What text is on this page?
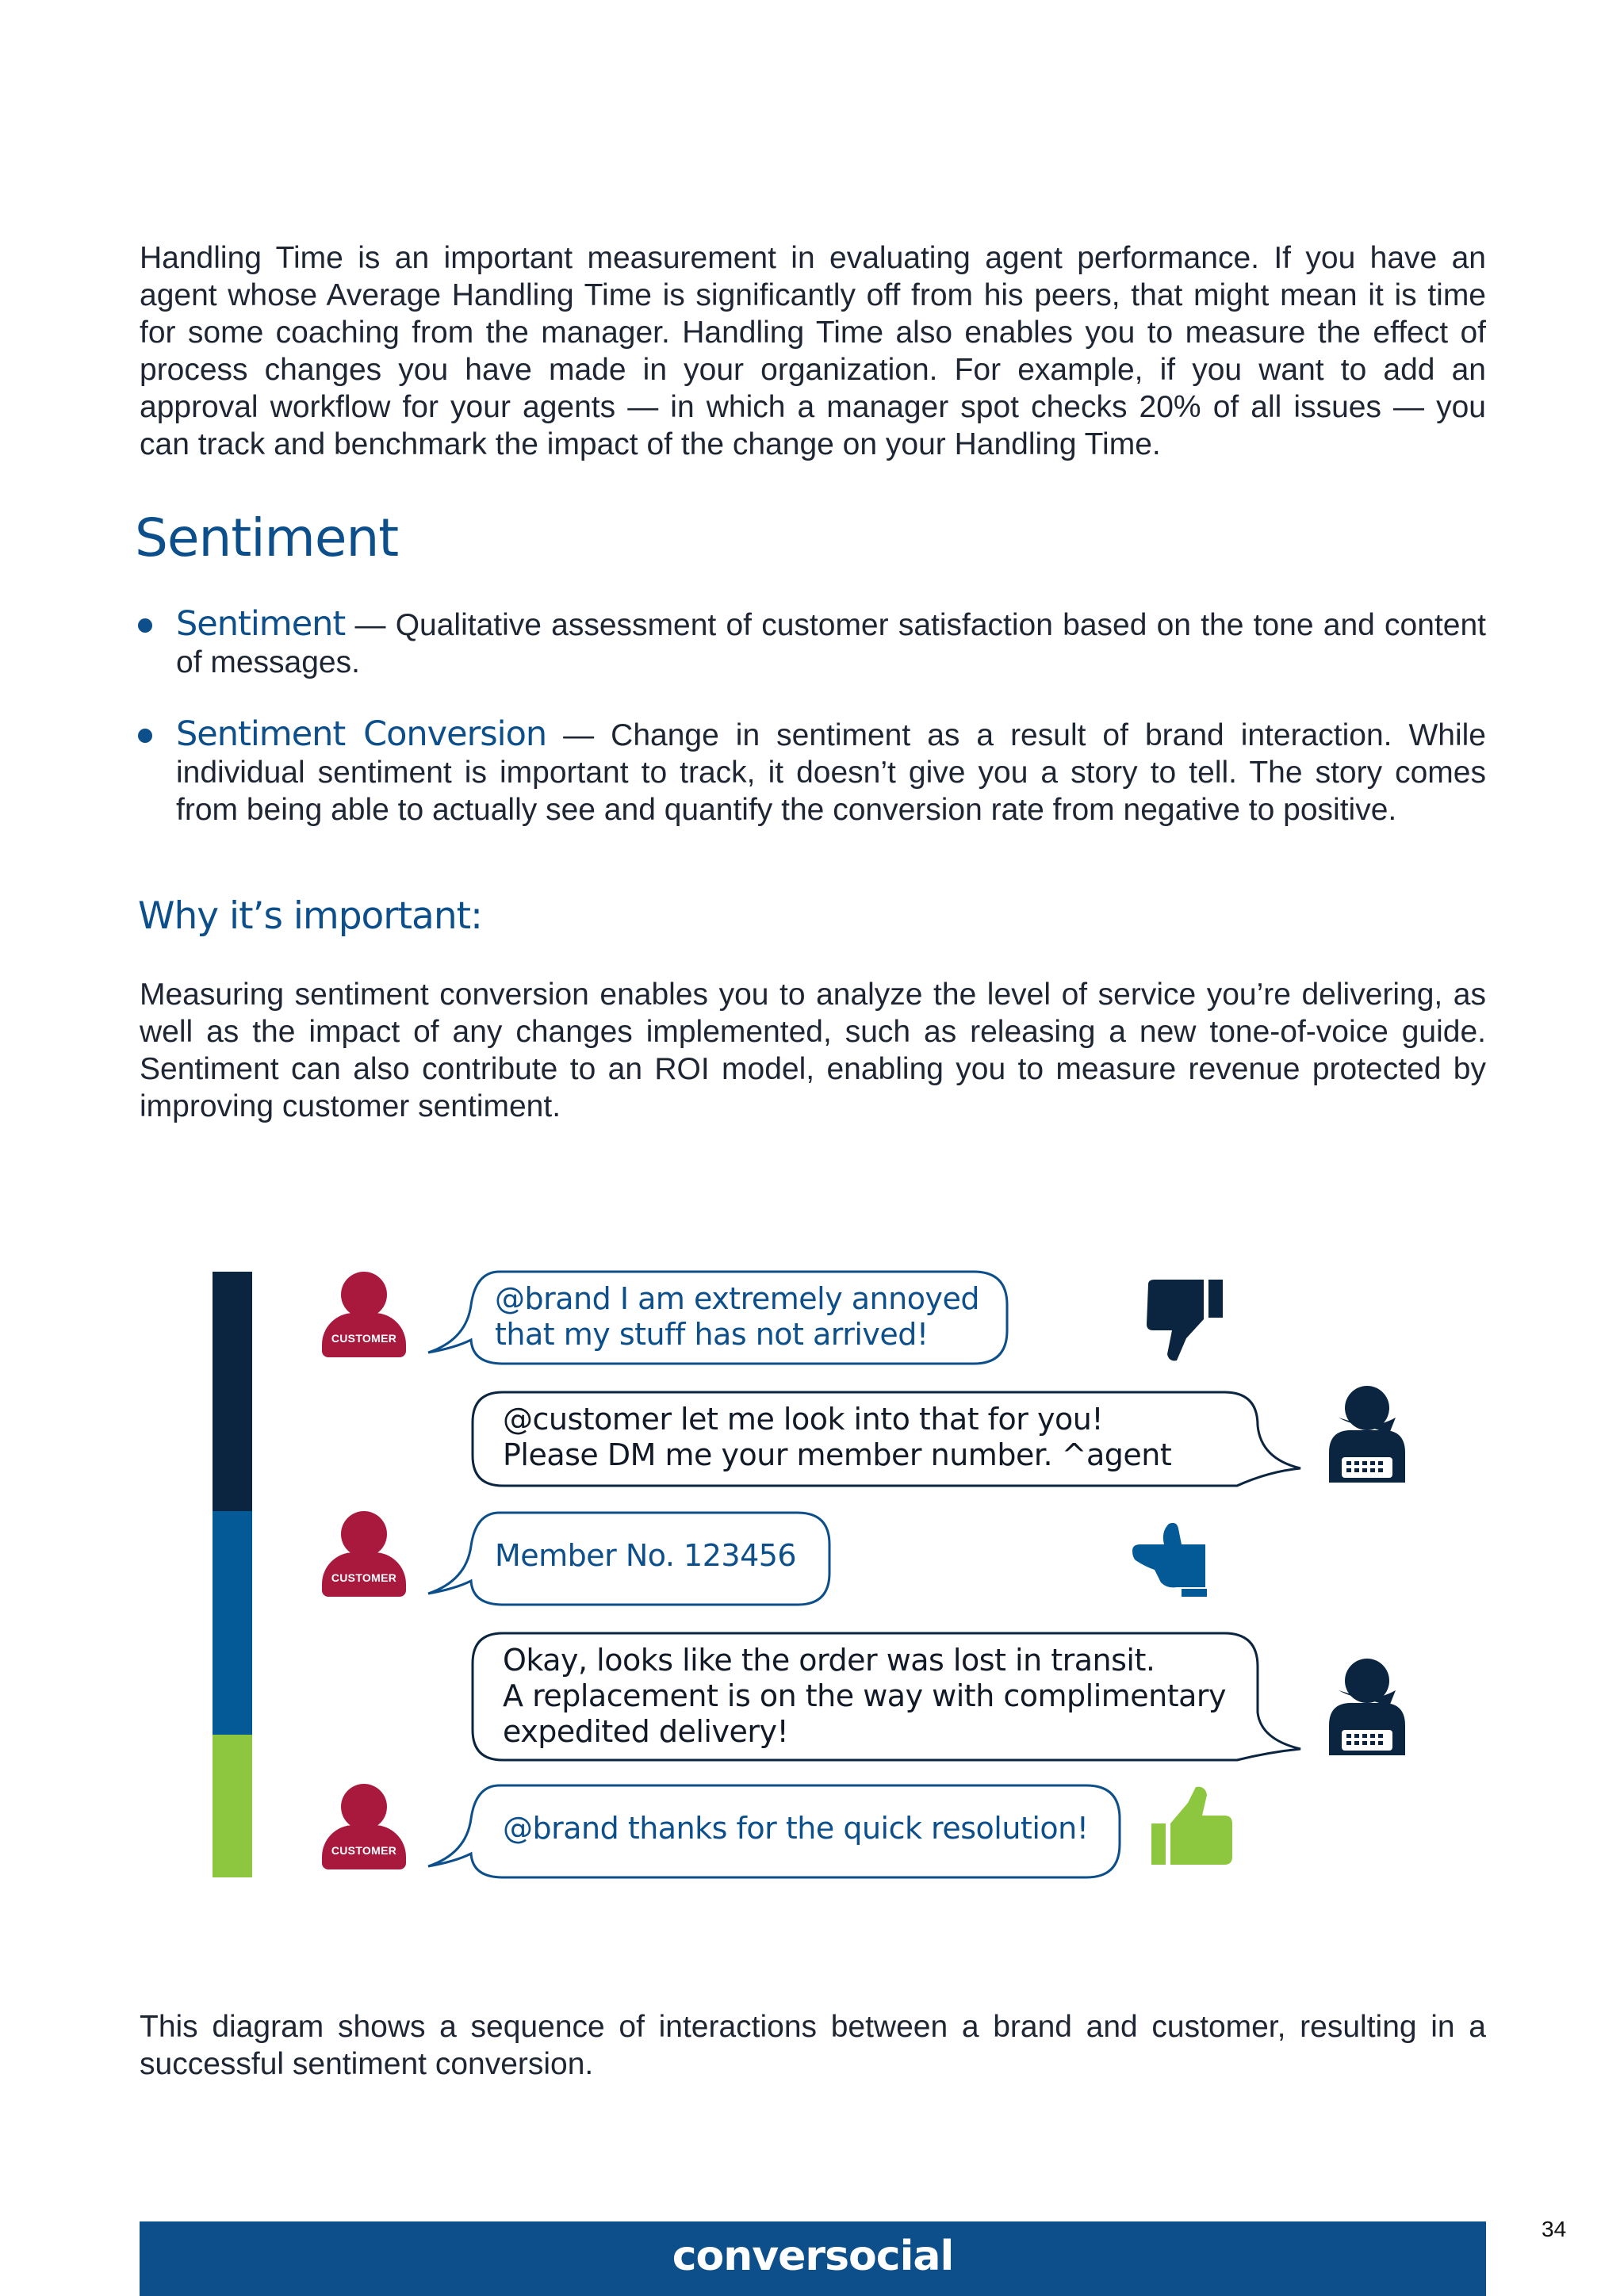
Handling Time is an important measurement in evaluating agent performance. If you have an agent whose Average Handling Time is significantly off from his peers, that might mean it is time for some coaching from the manager. Handling Time also enables you to measure the effect of process changes you have made in your organization. For example, if you want to add an approval workflow for your agents — in which a manager spot checks 20% of all issues — you can track and benchmark the impact of the change on your Handling Time.

Sentiment
Sentiment — Qualitative assessment of customer satisfaction based on the tone and content of messages.
Sentiment Conversion — Change in sentiment as a result of brand interaction. While individual sentiment is important to track, it doesn’t give you a story to tell. The story comes from being able to actually see and quantify the conversion rate from negative to positive.
Why it’s important:

Measuring sentiment conversion enables you to analyze the level of service you’re delivering, as well as the impact of any changes implemented, such as releasing a new tone-of-voice guide. Sentiment can also contribute to an ROI model, enabling you to measure revenue protected by improving customer sentiment.

CUSTOMER
CUSTOMER
CUSTOMER
@brand I am extremely annoyed
that my stuff has not arrived!
@customer let me look into that for you!
Please DM me your member number. ^agent
Member No. 123456
Okay, looks like the order was lost in transit.
A replacement is on the way with complimentary
expedited delivery!
@brand thanks for the quick resolution!

This diagram shows a sequence of interactions between a brand and customer, resulting in a successful sentiment conversion.

conversocial
34
